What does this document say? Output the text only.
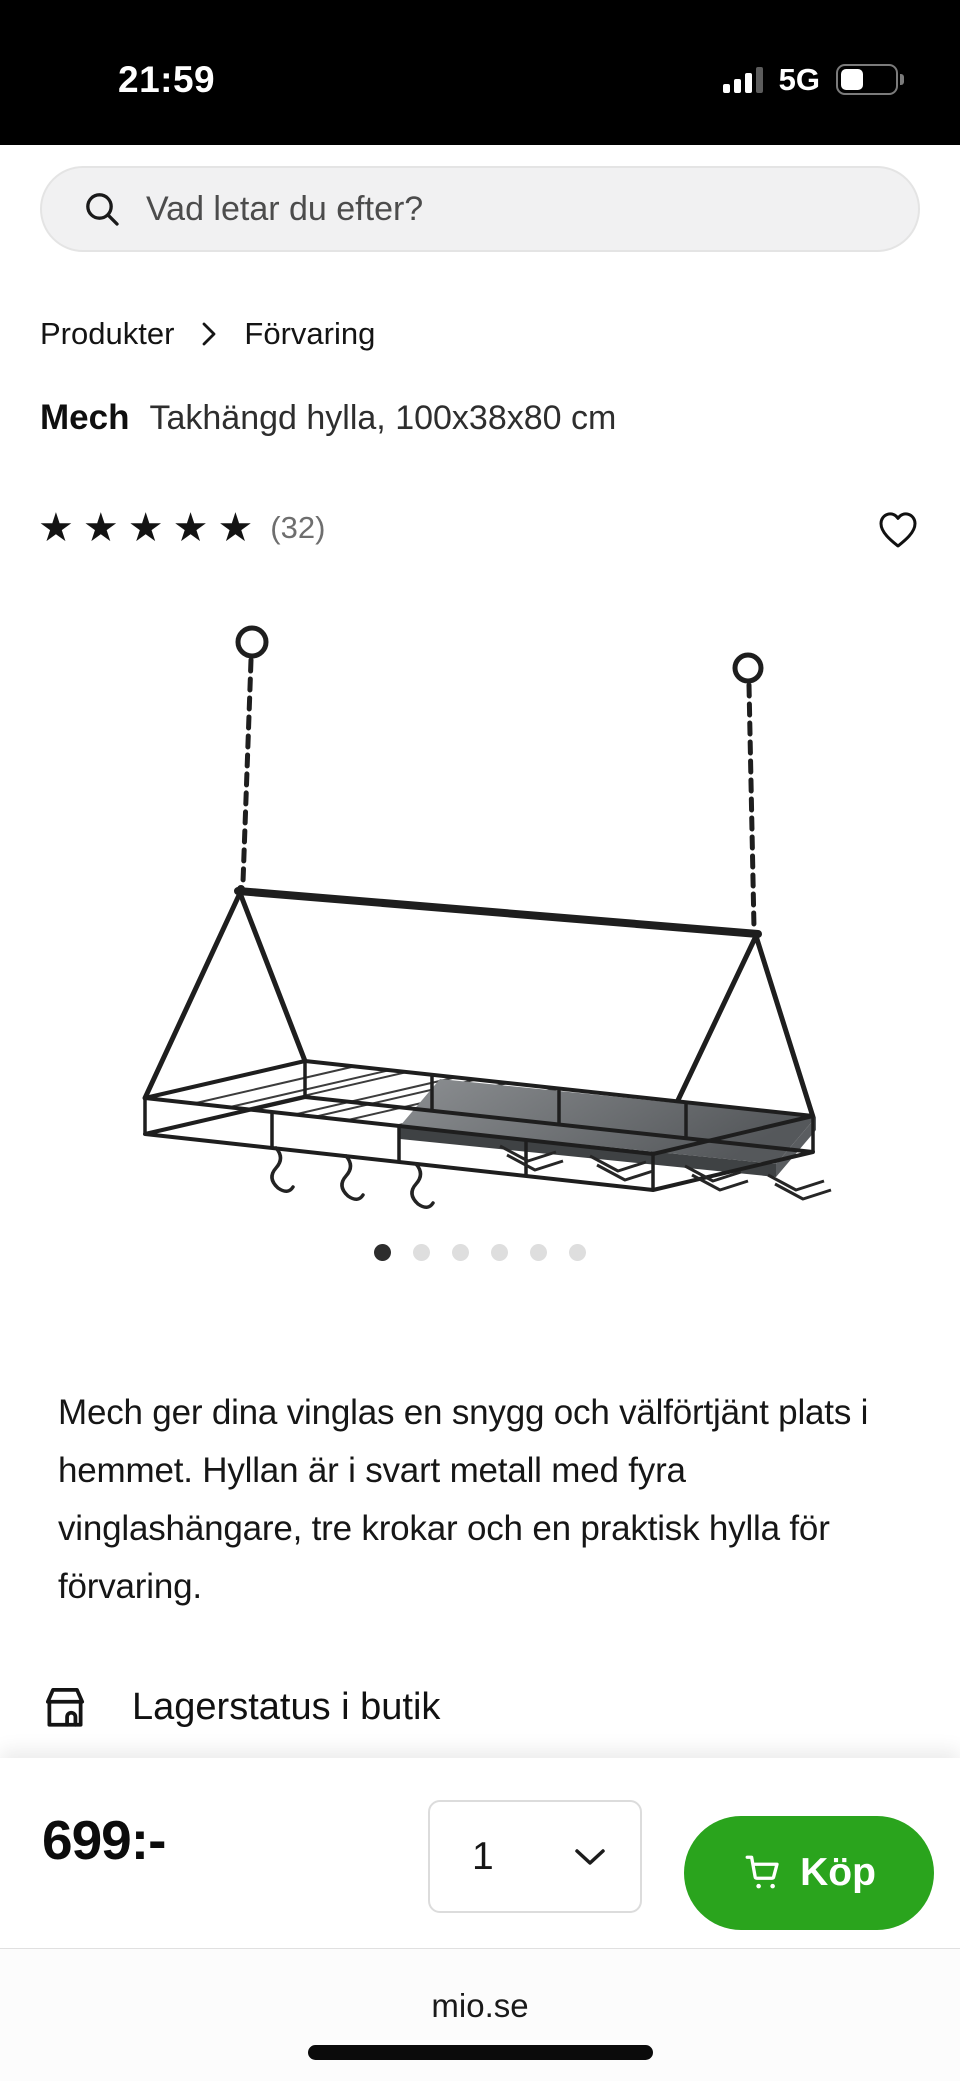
21:59	5G
Vad letar du efter?
Produkter Förvaring
Mech Takhängd hylla, 100x38x80 cm
★★★★★ (32)

Mech ger dina vinglas en snygg och välförtjänt plats i hemmet. Hyllan är i svart metall med fyra vinglashängare, tre krokar och en praktisk hylla för förvaring.

Lagerstatus i butik
699:-	1	Köp
mio.se
